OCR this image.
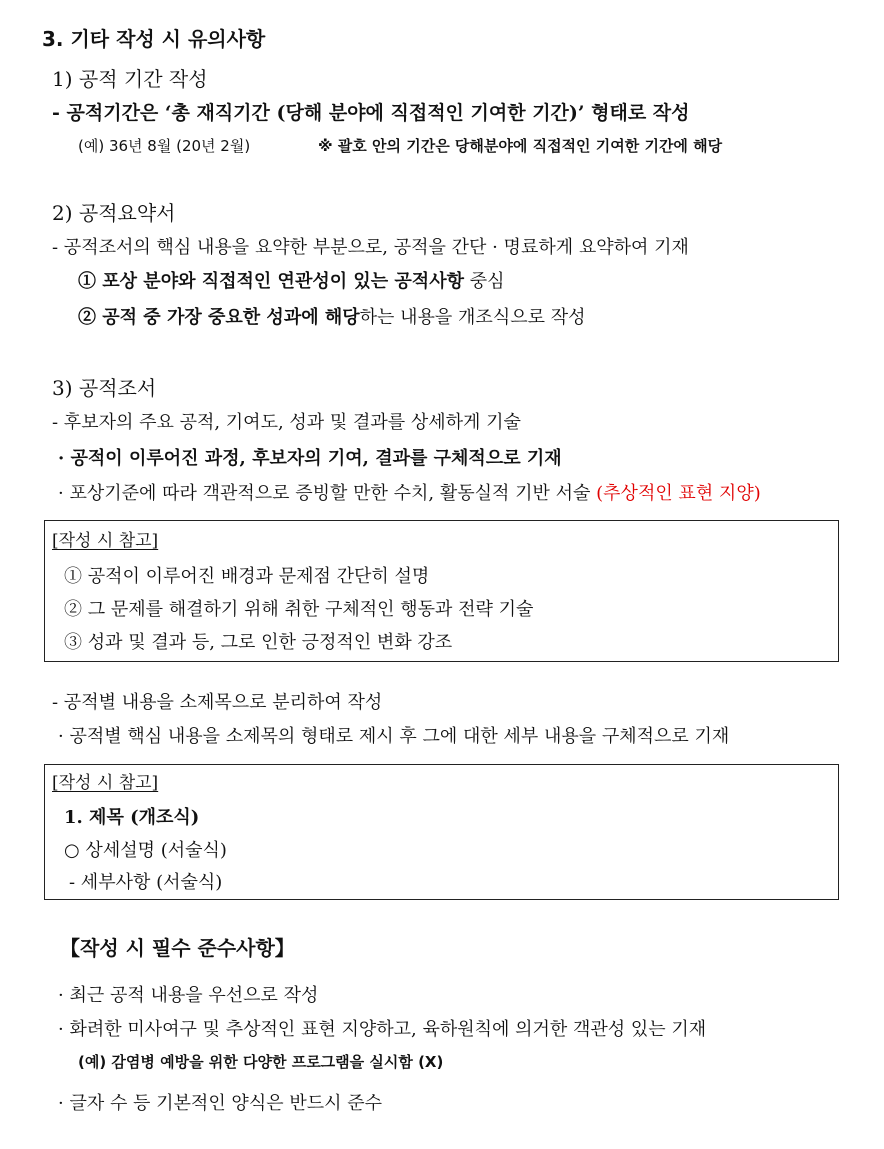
3. 기타 작성 시 유의사항
1) 공적 기간 작성
- 공적기간은 ‘총 재직기간 (당해 분야에 직접적인 기여한 기간)’ 형태로 작성
(예) 36년 8월 (20년 2월)	※ 괄호 안의 기간은 당해분야에 직접적인 기여한 기간에 해당
2) 공적요약서
- 공적조서의 핵심 내용을 요약한 부분으로, 공적을 간단 · 명료하게 요약하여 기재
① 포상 분야와 직접적인 연관성이 있는 공적사항 중심
② 공적 중 가장 중요한 성과에 해당하는 내용을 개조식으로 작성
3) 공적조서
- 후보자의 주요 공적, 기여도, 성과 및 결과를 상세하게 기술
· 공적이 이루어진 과정, 후보자의 기여, 결과를 구체적으로 기재
· 포상기준에 따라 객관적으로 증빙할 만한 수치, 활동실적 기반 서술 (추상적인 표현 지양)
[작성 시 참고]
① 공적이 이루어진 배경과 문제점 간단히 설명
② 그 문제를 해결하기 위해 취한 구체적인 행동과 전략 기술
③ 성과 및 결과 등, 그로 인한 긍정적인 변화 강조
- 공적별 내용을 소제목으로 분리하여 작성
· 공적별 핵심 내용을 소제목의 형태로 제시 후 그에 대한 세부 내용을 구체적으로 기재
[작성 시 참고]
1. 제목 (개조식)
○ 상세설명 (서술식)
- 세부사항 (서술식)
【작성 시 필수 준수사항】
· 최근 공적 내용을 우선으로 작성
· 화려한 미사여구 및 추상적인 표현 지양하고, 육하원칙에 의거한 객관성 있는 기재
(예) 감염병 예방을 위한 다양한 프로그램을 실시함 (X)
· 글자 수 등 기본적인 양식은 반드시 준수
